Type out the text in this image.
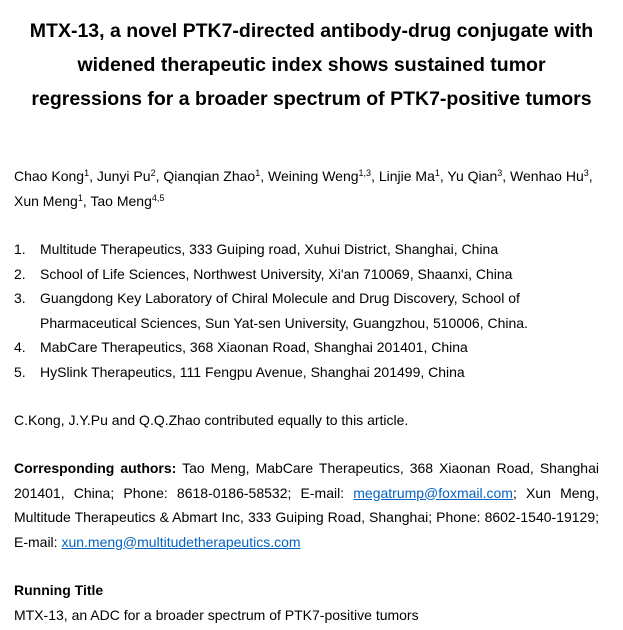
MTX-13, a novel PTK7-directed antibody-drug conjugate with
widened therapeutic index shows sustained tumor
regressions for a broader spectrum of PTK7-positive tumors
Chao Kong$^1$, Junyi Pu$^2$, Qianqian Zhao$^1$, Weining Weng$^{1,3}$, Linjie Ma$^1$, Yu Qian$^3$, Wenhao Hu$^3$,
Xun Meng$^1$, Tao Meng$^{4,5}$
1. Multitude Therapeutics, 333 Guiping road, Xuhui District, Shanghai, China
2. School of Life Sciences, Northwest University, Xi'an 710069, Shaanxi, China
3. Guangdong Key Laboratory of Chiral Molecule and Drug Discovery, School of Pharmaceutical Sciences, Sun Yat-sen University, Guangzhou, 510006, China.
4. MabCare Therapeutics, 368 Xiaonan Road, Shanghai 201401, China
5. HySlink Therapeutics, 111 Fengpu Avenue, Shanghai 201499, China
C.Kong, J.Y.Pu and Q.Q.Zhao contributed equally to this article.
Corresponding authors: Tao Meng, MabCare Therapeutics, 368 Xiaonan Road, Shanghai 201401, China; Phone: 8618-0186-58532; E-mail: megatrump@foxmail.com; Xun Meng, Multitude Therapeutics & Abmart Inc, 333 Guiping Road, Shanghai; Phone: 8602-1540-19129; E-mail: xun.meng@multitudetherapeutics.com
Running Title
MTX-13, an ADC for a broader spectrum of PTK7-positive tumors
